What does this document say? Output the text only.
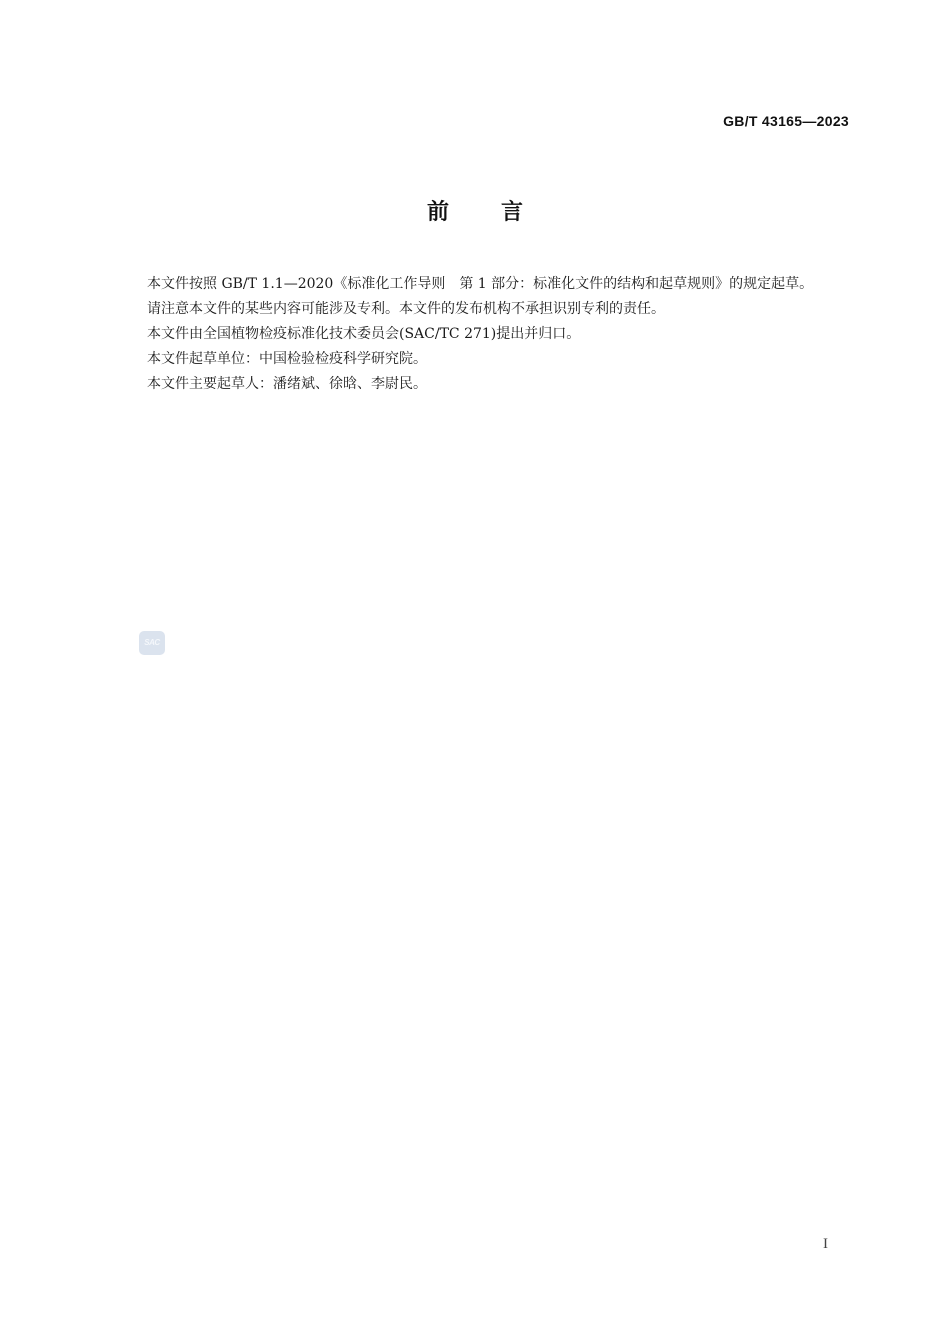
GB/T 43165—2023
前 言

本文件按照 GB/T 1.1—2020《标准化工作导则　第 1 部分：标准化文件的结构和起草规则》的规定起草。

请注意本文件的某些内容可能涉及专利。本文件的发布机构不承担识别专利的责任。

本文件由全国植物检疫标准化技术委员会(SAC/TC 271)提出并归口。

本文件起草单位：中国检验检疫科学研究院。

本文件主要起草人：潘绪斌、徐晗、李尉民。

SAC
I
